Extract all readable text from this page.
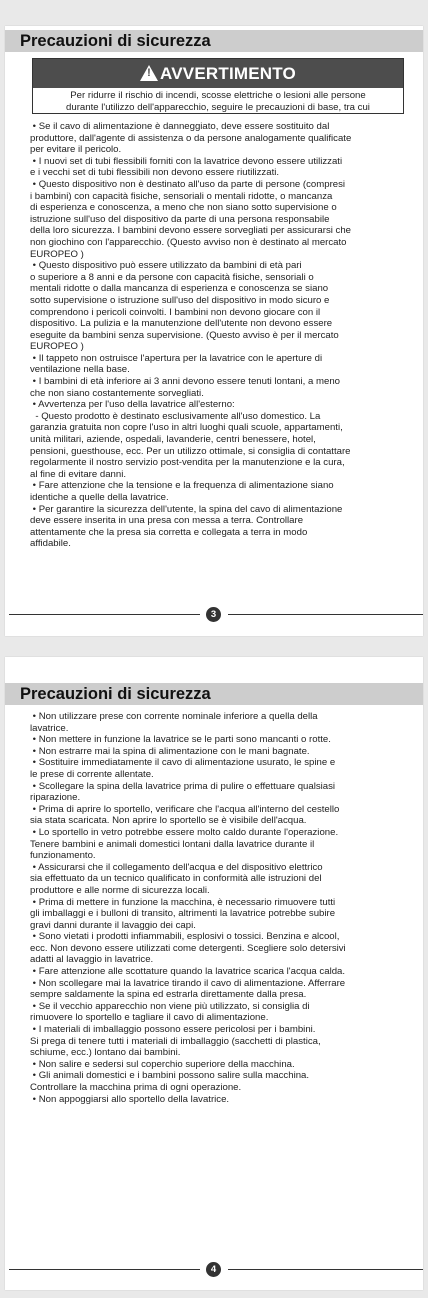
Precauzioni di sicurezza
! AVVERTIMENTO
Per ridurre il rischio di incendi, scosse elettriche o lesioni alle persone
durante l'utilizzo dell'apparecchio, seguire le precauzioni di base, tra cui
• Se il cavo di alimentazione è danneggiato, deve essere sostituito dal
produttore, dall'agente di assistenza o da persone analogamente qualificate
per evitare il pericolo.
• I nuovi set di tubi flessibili forniti con la lavatrice devono essere utilizzati
e i vecchi set di tubi flessibili non devono essere riutilizzati.
• Questo dispositivo non è destinato all'uso da parte di persone (compresi
i bambini) con capacità fisiche, sensoriali o mentali ridotte, o mancanza
di esperienza e conoscenza, a meno che non siano sotto supervisione o
istruzione sull'uso del dispositivo da parte di una persona responsabile
della loro sicurezza. I bambini devono essere sorvegliati per assicurarsi che
non giochino con l'apparecchio. (Questo avviso non è destinato al mercato
EUROPEO )
• Questo dispositivo può essere utilizzato da bambini di età pari
o superiore a 8 anni e da persone con capacità fisiche, sensoriali o
mentali ridotte o dalla mancanza di esperienza e conoscenza se siano
sotto supervisione o istruzione sull'uso del dispositivo in modo sicuro e
comprendono i pericoli coinvolti. I bambini non devono giocare con il
dispositivo. La pulizia e la manutenzione dell'utente non devono essere
eseguite da bambini senza supervisione. (Questo avviso è per il mercato
EUROPEO )
• Il tappeto non ostruisce l'apertura per la lavatrice con le aperture di
ventilazione nella base.
• I bambini di età inferiore ai 3 anni devono essere tenuti lontani, a meno
che non siano costantemente sorvegliati.
• Avvertenza per l'uso della lavatrice all'esterno:
- Questo prodotto è destinato esclusivamente all'uso domestico. La
garanzia gratuita non copre l'uso in altri luoghi quali scuole, appartamenti,
unità militari, aziende, ospedali, lavanderie, centri benessere, hotel,
pensioni, guesthouse, ecc. Per un utilizzo ottimale, si consiglia di contattare
regolarmente il nostro servizio post-vendita per la manutenzione e la cura,
al fine di evitare danni.
• Fare attenzione che la tensione e la frequenza di alimentazione siano
identiche a quelle della lavatrice.
• Per garantire la sicurezza dell'utente, la spina del cavo di alimentazione
deve essere inserita in una presa con messa a terra. Controllare
attentamente che la presa sia corretta e collegata a terra in modo
affidabile.
3
Precauzioni di sicurezza
• Non utilizzare prese con corrente nominale inferiore a quella della
lavatrice.
• Non mettere in funzione la lavatrice se le parti sono mancanti o rotte.
• Non estrarre mai la spina di alimentazione con le mani bagnate.
• Sostituire immediatamente il cavo di alimentazione usurato, le spine e
le prese di corrente allentate.
• Scollegare la spina della lavatrice prima di pulire o effettuare qualsiasi
riparazione.
• Prima di aprire lo sportello, verificare che l'acqua all'interno del cestello
sia stata scaricata. Non aprire lo sportello se è visibile dell'acqua.
• Lo sportello in vetro potrebbe essere molto caldo durante l'operazione.
Tenere bambini e animali domestici lontani dalla lavatrice durante il
funzionamento.
• Assicurarsi che il collegamento dell'acqua e del dispositivo elettrico
sia effettuato da un tecnico qualificato in conformità alle istruzioni del
produttore e alle norme di sicurezza locali.
• Prima di mettere in funzione la macchina, è necessario rimuovere tutti
gli imballaggi e i bulloni di transito, altrimenti la lavatrice potrebbe subire
gravi danni durante il lavaggio dei capi.
• Sono vietati i prodotti infiammabili, esplosivi o tossici. Benzina e alcool,
ecc. Non devono essere utilizzati come detergenti. Scegliere solo detersivi
adatti al lavaggio in lavatrice.
• Fare attenzione alle scottature quando la lavatrice scarica l'acqua calda.
• Non scollegare mai la lavatrice tirando il cavo di alimentazione. Afferrare
sempre saldamente la spina ed estrarla direttamente dalla presa.
• Se il vecchio apparecchio non viene più utilizzato, si consiglia di
rimuovere lo sportello e tagliare il cavo di alimentazione.
• I materiali di imballaggio possono essere pericolosi per i bambini.
Si prega di tenere tutti i materiali di imballaggio (sacchetti di plastica,
schiume, ecc.) lontano dai bambini.
• Non salire e sedersi sul coperchio superiore della macchina.
• Gli animali domestici e i bambini possono salire sulla macchina.
Controllare la macchina prima di ogni operazione.
• Non appoggiarsi allo sportello della lavatrice.
4
